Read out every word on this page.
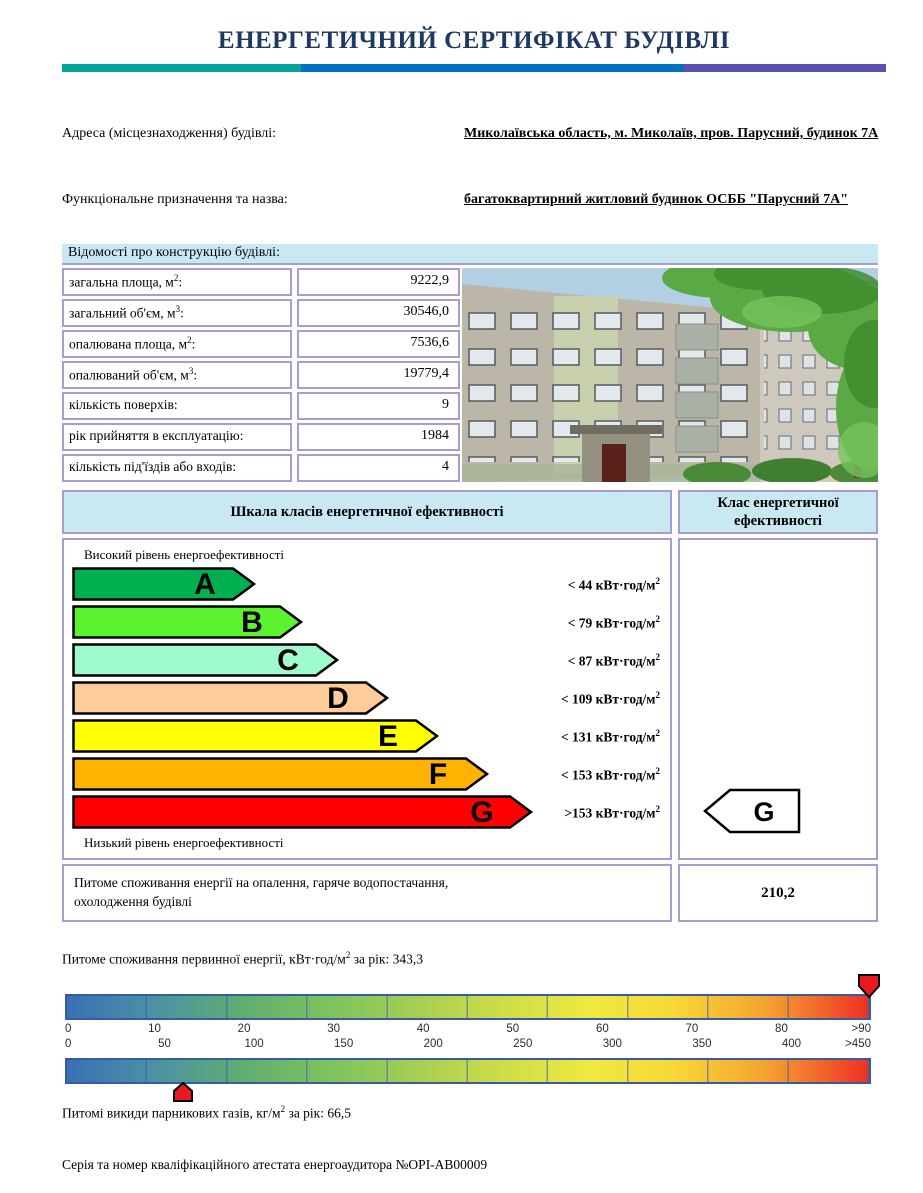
ЕНЕРГЕТИЧНИЙ СЕРТИФІКАТ БУДІВЛІ
Адреса (місцезнаходження) будівлі:	Миколаївська область, м. Миколаїв, пров. Парусний, будинок 7А
Функціональне призначення та назва:	багатоквартирний житловий будинок ОСББ "Парусний 7А"
Відомості про конструкцію будівлі:
загальна площа, $м^2$:	9222,9
загальний об'єм, $м^3$:	30546,0
опалювана площа, $м^2$:	7536,6
опалюваний об'єм, $м^3$:	19779,4
кількість поверхів:	9
рік прийняття в експлуатацію:	1984
кількість під'їздів або входів:	4
Шкала класів енергетичної ефективності
Клас енергетичної ефективності
Високий рівень енергоефективності
A	< 44 $кВт\cdot год/м^2$
B	< 79 $кВт\cdot год/м^2$
C	< 87 $кВт\cdot год/м^2$
D	< 109 $кВт\cdot год/м^2$
E	< 131 $кВт\cdot год/м^2$
F	< 153 $кВт\cdot год/м^2$
G	>153 $кВт\cdot год/м^2$
Низький рівень енергоефективності
G
Питоме споживання енергії на опалення, гаряче водопостачання, охолодження будівлі
210,2
Питоме споживання первинної енергії, $кВт\cdot год/м^2$ за рік: 343,3
0	10	20	30	40	50	60	70	80	>90
0	50	100	150	200	250	300	350	400	>450
Питомі викиди парникових газів, $кг/м^2$ за рік: 66,5
Серія та номер кваліфікаційного атестата енергоаудитора №ОРІ-АВ00009
